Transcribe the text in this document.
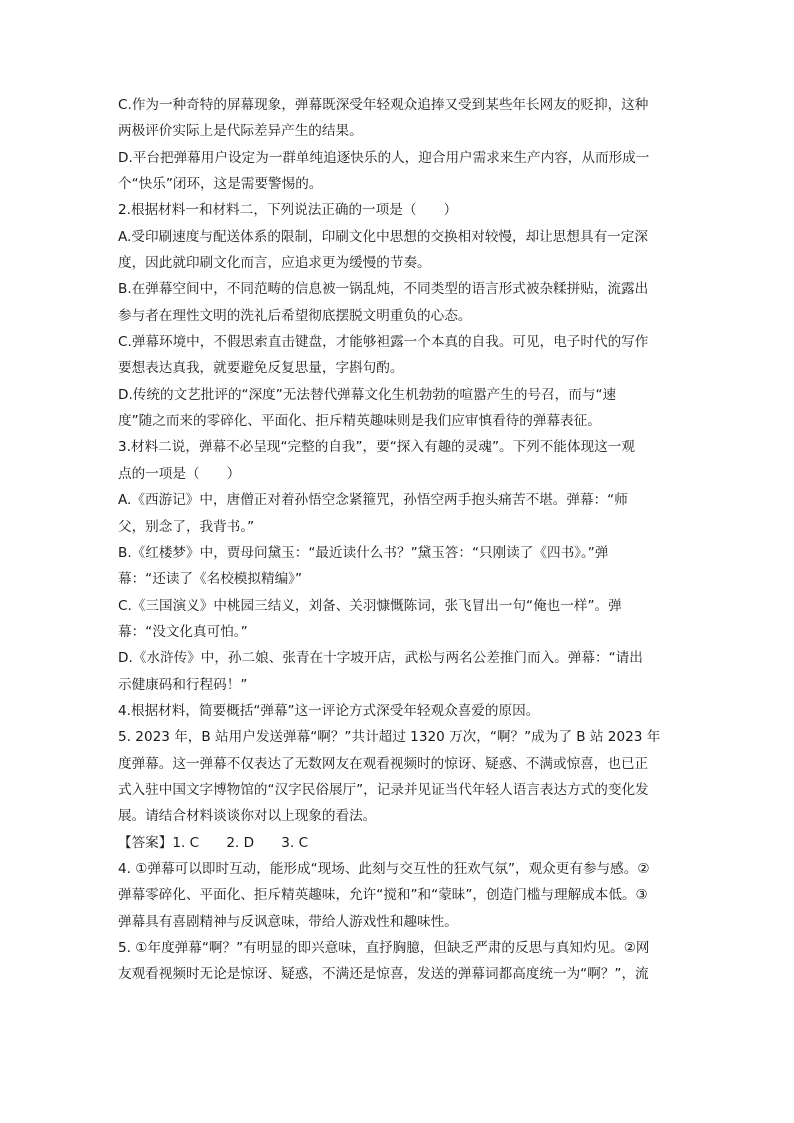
C.作为一种奇特的屏幕现象，弹幕既深受年轻观众追捧又受到某些年长网友的贬抑，这种
两极评价实际上是代际差异产生的结果。
D.平台把弹幕用户设定为一群单纯追逐快乐的人，迎合用户需求来生产内容，从而形成一
个“快乐”闭环，这是需要警惕的。
2.根据材料一和材料二，下列说法正确的一项是（　　）
A.受印刷速度与配送体系的限制，印刷文化中思想的交换相对较慢，却让思想具有一定深
度，因此就印刷文化而言，应追求更为缓慢的节奏。
B.在弹幕空间中，不同范畴的信息被一锅乱炖，不同类型的语言形式被杂糅拼贴，流露出
参与者在理性文明的洗礼后希望彻底摆脱文明重负的心态。
C.弹幕环境中，不假思索直击键盘，才能够袒露一个本真的自我。可见，电子时代的写作
要想表达真我，就要避免反复思量，字斟句酌。
D.传统的文艺批评的“深度”无法替代弹幕文化生机勃勃的喧嚣产生的号召，而与“速
度”随之而来的零碎化、平面化、拒斥精英趣味则是我们应审慎看待的弹幕表征。
3.材料二说，弹幕不必呈现“完整的自我”，要“探入有趣的灵魂”。下列不能体现这一观
点的一项是（　　）
A.《西游记》中，唐僧正对着孙悟空念紧箍咒，孙悟空两手抱头痛苦不堪。弹幕：“师
父，别念了，我背书。”
B.《红楼梦》中，贾母问黛玉：“最近读什么书？”黛玉答：“只刚读了《四书》。”弹
幕：“还读了《名校模拟精编》”
C.《三国演义》中桃园三结义，刘备、关羽慷慨陈词，张飞冒出一句“俺也一样”。弹
幕：“没文化真可怕。”
D.《水浒传》中，孙二娘、张青在十字坡开店，武松与两名公差推门而入。弹幕：“请出
示健康码和行程码！”
4.根据材料，简要概括“弹幕”这一评论方式深受年轻观众喜爱的原因。
5. 2023 年，B 站用户发送弹幕“啊？”共计超过 1320 万次，“啊？”成为了 B 站 2023 年
度弹幕。这一弹幕不仅表达了无数网友在观看视频时的惊讶、疑惑、不满或惊喜，也已正
式入驻中国文字博物馆的“汉字民俗展厅”，记录并见证当代年轻人语言表达方式的变化发
展。请结合材料谈谈你对以上现象的看法。
【答案】1. C　　2. D　　3. C
4. ①弹幕可以即时互动，能形成“现场、此刻与交互性的狂欢气氛”，观众更有参与感。②
弹幕零碎化、平面化、拒斥精英趣味，允许“搅和”和“蒙昧”，创造门槛与理解成本低。③
弹幕具有喜剧精神与反讽意味，带给人游戏性和趣味性。
5. ①年度弹幕“啊？”有明显的即兴意味，直抒胸臆，但缺乏严肃的反思与真知灼见。②网
友观看视频时无论是惊讶、疑惑，不满还是惊喜，发送的弹幕词都高度统一为“啊？”，流
